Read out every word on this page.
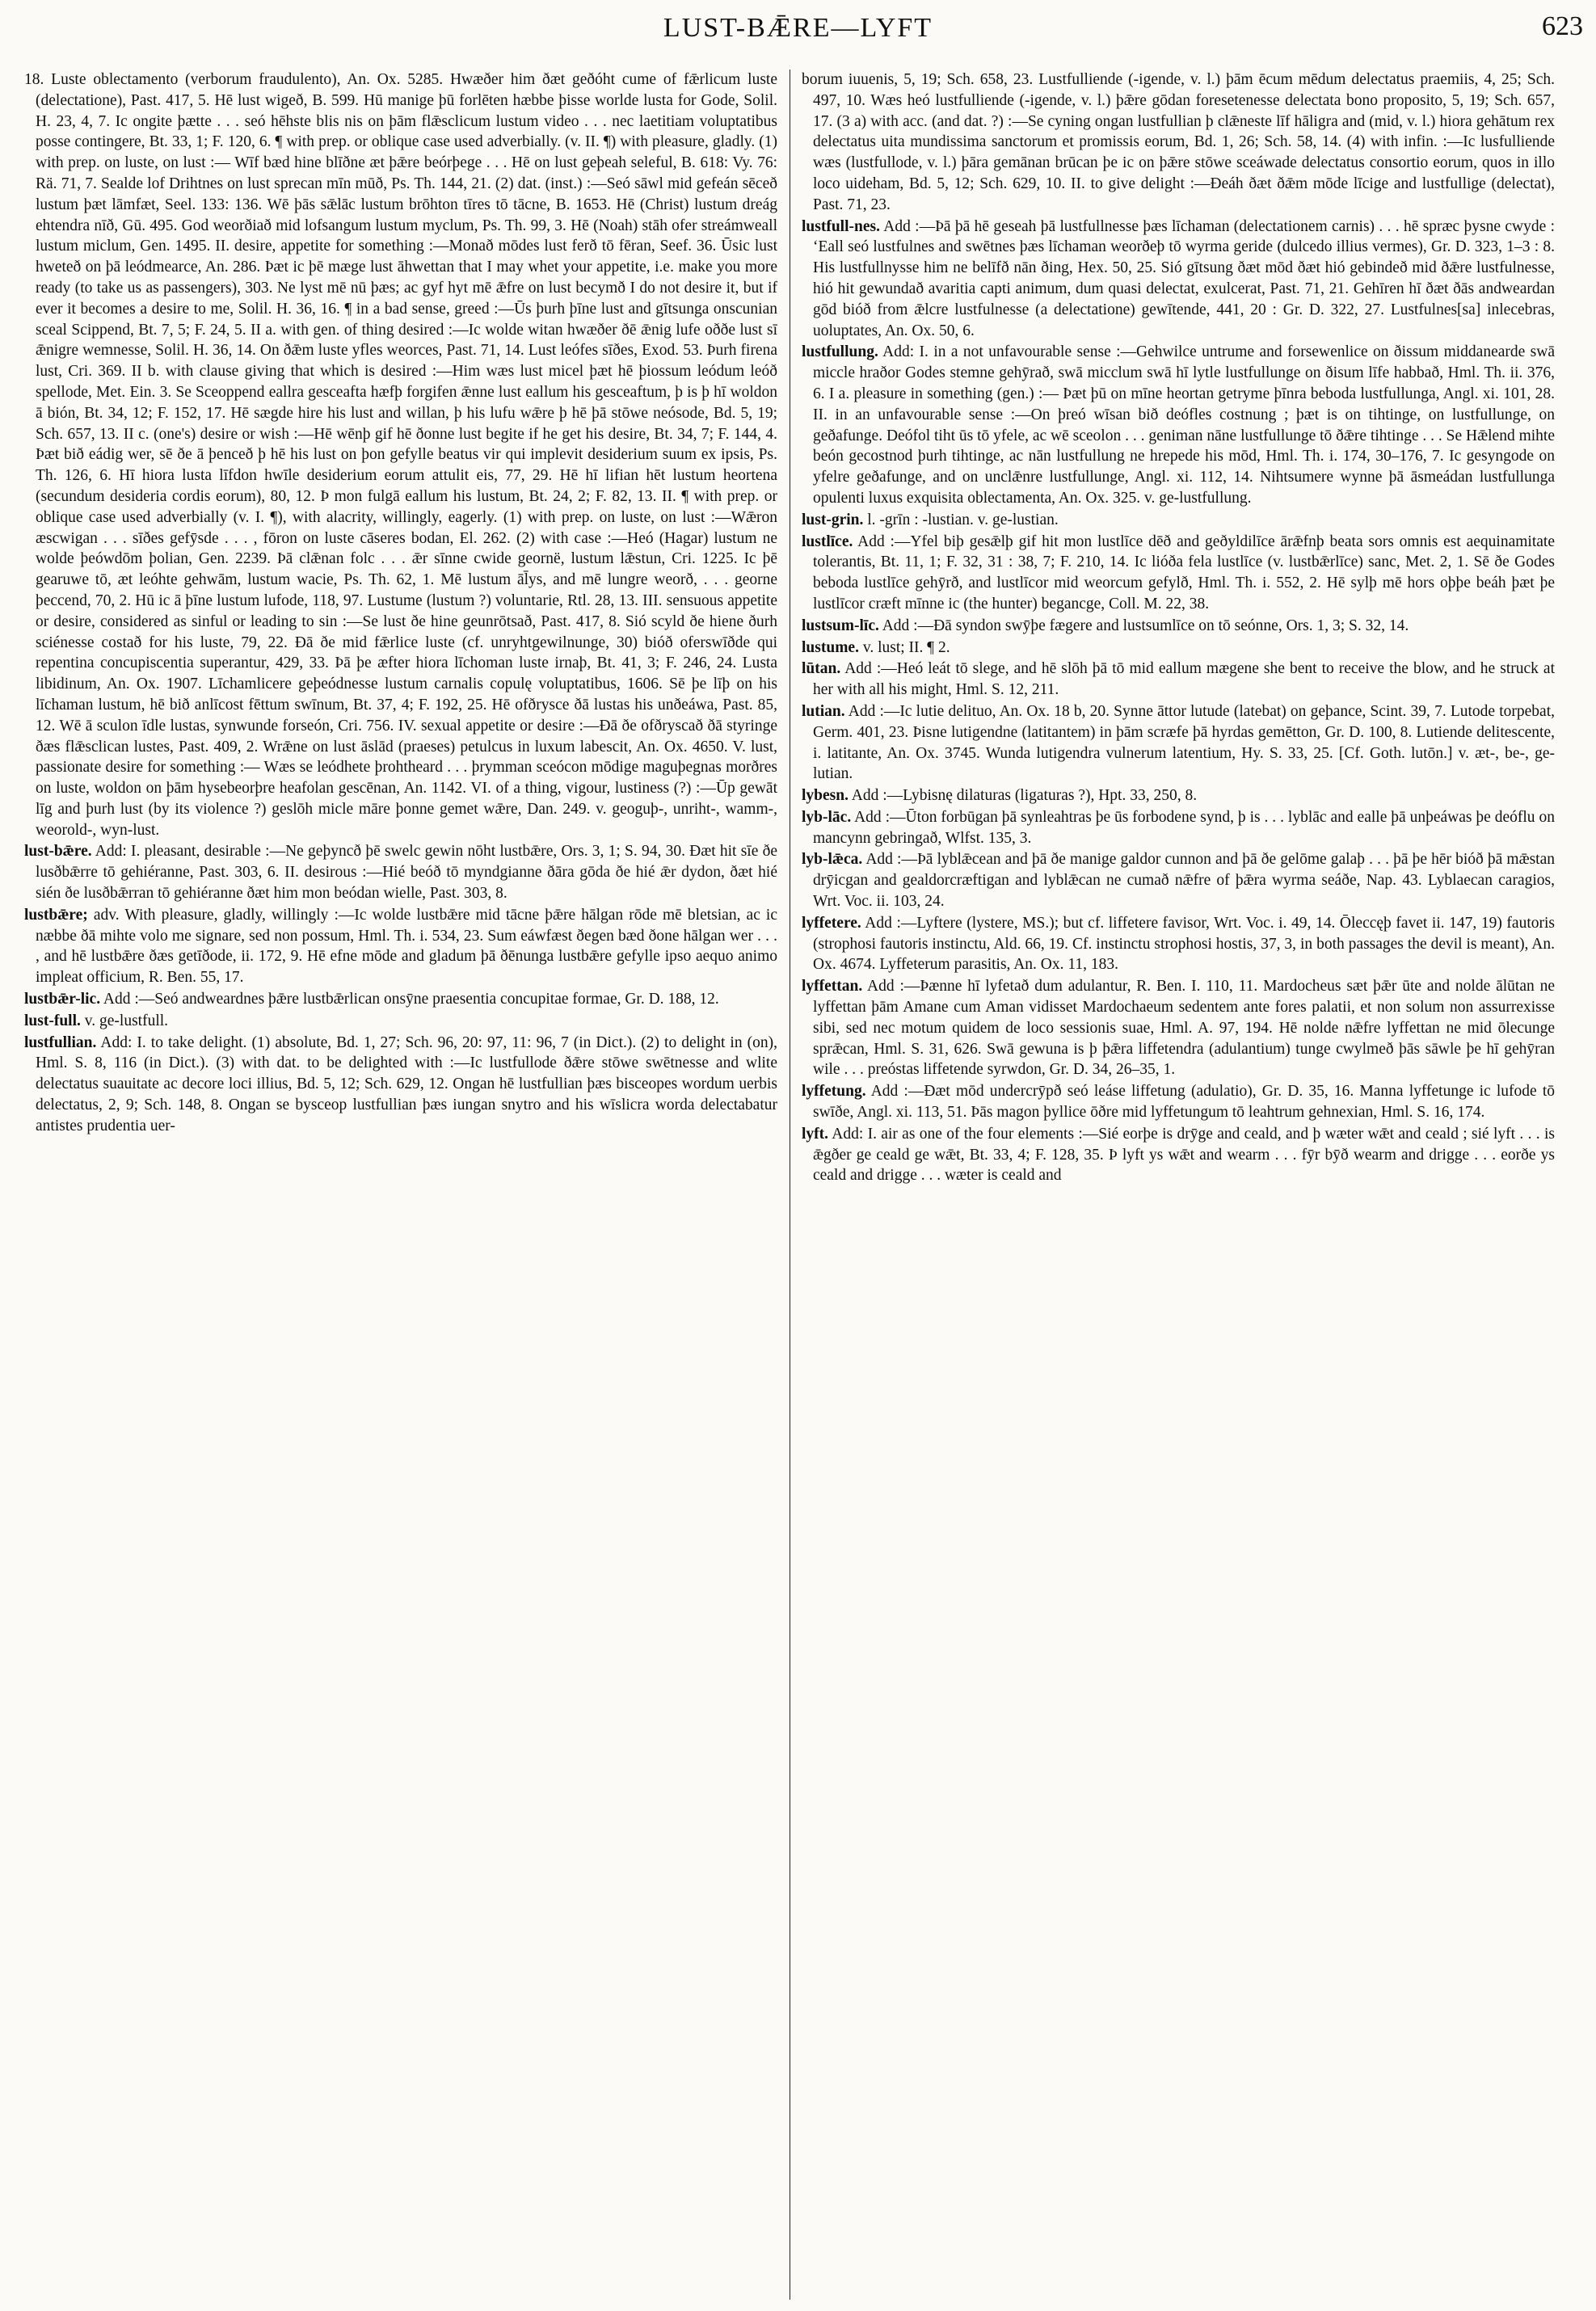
LUST-BǢRE—LYFT	623

18. Luste oblectamento (verborum fraudulento), An. Ox. 5285. Hwæðer him ðæt geðóht cume of fǣrlicum luste (delectatione), Past. 417, 5. Hē lust wigeð, B. 599. Hū manige þū forlēten hæbbe þisse worlde lusta for Gode, Solil. H. 23, 4, 7. Ic ongite þætte . . . seó hēhste blis nis on þām flǣsclicum lustum video . . . nec laetitiam voluptatibus posse contingere, Bt. 33, 1; F. 120, 6. ¶ with prep. or oblique case used adverbially. (v. II. ¶) with pleasure, gladly. (1) with prep. on luste, on lust :— Wīf bæd hine blīðne æt þǣre beórþege . . . Hē on lust geþeah seleful, B. 618: Vy. 76: Rä. 71, 7. Sealde lof Drihtnes on lust sprecan mīn mūð, Ps. Th. 144, 21. (2) dat. (inst.) :—Seó sāwl mid gefeán sēceð lustum þæt lāmfæt, Seel. 133: 136. Wē þās sǣlāc lustum brōhton tīres tō tācne, B. 1653. Hē (Christ) lustum dreág ehtendra nīð, Gū. 495. God weorðiað mid lofsangum lustum myclum, Ps. Th. 99, 3. Hē (Noah) stāh ofer streámweall lustum miclum, Gen. 1495. II. desire, appetite for something :—Monað mōdes lust ferð tō fēran, Seef. 36. Ūsic lust hweteð on þā leódmearce, An. 286. Þæt ic þē mæge lust āhwettan that I may whet your appetite, i.e. make you more ready (to take us as passengers), 303. Ne lyst mē nū þæs; ac gyf hyt mē ǣfre on lust becymð I do not desire it, but if ever it becomes a desire to me, Solil. H. 36, 16. ¶ in a bad sense, greed :—Ūs þurh þīne lust and gītsunga onscunian sceal Scippend, Bt. 7, 5; F. 24, 5. II a. with gen. of thing desired :—Ic wolde witan hwæðer ðē ǣnig lufe oððe lust sī ǣnigre wemnesse, Solil. H. 36, 14. On ðǣm luste yfles weorces, Past. 71, 14. Lust leófes sīðes, Exod. 53. Þurh firena lust, Cri. 369. II b. with clause giving that which is desired :—Him wæs lust micel þæt hē þiossum leódum leóð spellode, Met. Ein. 3. Se Sceoppend eallra gesceafta hæfþ forgifen ǣnne lust eallum his gesceaftum, þ is þ hī woldon ā bión, Bt. 34, 12; F. 152, 17. Hē sægde hire his lust and willan, þ his lufu wǣre þ hē þā stōwe neósode, Bd. 5, 19; Sch. 657, 13. II c. (one's) desire or wish :—Hē wēnþ gif hē ðonne lust begite if he get his desire, Bt. 34, 7; F. 144, 4. Þæt bið eádig wer, sē ðe ā þenceð þ hē his lust on þon gefylle beatus vir qui implevit desiderium suum ex ipsis, Ps. Th. 126, 6. Hī hiora lusta līfdon hwīle desiderium eorum attulit eis, 77, 29. Hē hī lifian hēt lustum heortena (secundum desideria cordis eorum), 80, 12. Þ mon fulgā eallum his lustum, Bt. 24, 2; F. 82, 13. II. ¶ with prep. or oblique case used adverbially (v. I. ¶), with alacrity, willingly, eagerly. (1) with prep. on luste, on lust :—Wǣron æscwigan . . . sīðes gefȳsde . . . , fōron on luste cāseres bodan, El. 262. (2) with case :—Heó (Hagar) lustum ne wolde þeówdōm þolian, Gen. 2239. Þā clǣnan folc . . . ǣr sīnne cwide geornë, lustum lǣstun, Cri. 1225. Ic þē gearuwe tō, æt leóhte gehwām, lustum wacie, Ps. Th. 62, 1. Mē lustum āl̄ys, and mē lungre weorð, . . . georne þeccend, 70, 2. Hū ic ā þīne lustum lufode, 118, 97. Lustume (lustum ?) voluntarie, Rtl. 28, 13. III. sensuous appetite or desire, considered as sinful or leading to sin :—Se lust ðe hine geunrōtsað, Past. 417, 8. Sió scyld ðe hiene ðurh sciénesse costað for his luste, 79, 22. Ðā ðe mid fǣrlice luste (cf. unryhtgewilnunge, 30) bióð oferswīðde qui repentina concupiscentia superantur, 429, 33. Þā þe æfter hiora līchoman luste irnaþ, Bt. 41, 3; F. 246, 24. Lusta libidinum, An. Ox. 1907. Līchamlicere geþeódnesse lustum carnalis copulę voluptatibus, 1606. Sē þe līþ on his līchaman lustum, hē bið anlīcost fēttum swīnum, Bt. 37, 4; F. 192, 25. Hē ofðryscе ðā lustas his unðeáwa, Past. 85, 12. Wē ā sculon īdle lustas, synwunde forseón, Cri. 756. IV. sexual appetite or desire :—Ðā ðe ofðryscað ðā styringe ðæs flǣsclican lustes, Past. 409, 2. Wrǣne on lust āslād (praeses) petulcus in luxum labescit, An. Ox. 4650. V. lust, passionate desire for something :— Wæs se leódhete þrohtheard . . . þrymman sceócon mōdige maguþegnas morðres on luste, woldon on þām hysebeorþre heafolan gescēnan, An. 1142. VI. of a thing, vigour, lustiness (?) :—Ūp gewāt līg and þurh lust (by its violence ?) geslōh micle māre þonne gemet wǣre, Dan. 249. v. geoguþ-, unriht-, wamm-, weorold-, wyn-lust.

lust-bǣre. Add: I. pleasant, desirable :—Ne geþyncð þē swelc gewin nōht lustbǣre, Ors. 3, 1; S. 94, 30. Ðæt hit sīe ðe lusðbǣrre tō gehiéranne, Past. 303, 6. II. desirous :—Hié beóð tō myndgianne ðāra gōda ðe hié ǣr dydon, ðæt hié sién ðe lusðbǣrran tō gehiéranne ðæt him mon beódan wielle, Past. 303, 8.

lustbǣre; adv. With pleasure, gladly, willingly :—Ic wolde lustbǣre mid tācne þǣre hālgan rōde mē bletsian, ac ic næbbe ðā mihte volo me signare, sed non possum, Hml. Th. i. 534, 23. Sum eáwfæst ðegen bæd ðone hālgan wer . . . , and hē lustbǣre ðæs getīðode, ii. 172, 9. Hē efne mōde and gladum þā ðēnunga lustbǣre gefylle ipso aequo animo impleat officium, R. Ben. 55, 17.

lustbǣr-lic. Add :—Seó andweardnes þǣre lustbǣrlican onsȳne praesentia concupitae formae, Gr. D. 188, 12.

lust-full. v. ge-lustfull.

lustfullian. Add: I. to take delight. (1) absolute, Bd. 1, 27; Sch. 96, 20: 97, 11: 96, 7 (in Dict.). (2) to delight in (on), Hml. S. 8, 116 (in Dict.). (3) with dat. to be delighted with :—Ic lustfullode ðǣre stōwe swētnesse and wlite delectatus suauitate ac decore loci illius, Bd. 5, 12; Sch. 629, 12. Ongan hē lustfullian þæs bisceopes wordum uerbis delectatus, 2, 9; Sch. 148, 8. Ongan se bysceop lustfullian þæs iungan snytro and his wīslicra worda delectabatur antistes prudentia uer-

borum iuuenis, 5, 19; Sch. 658, 23. Lustfulliende (-igende, v. l.) þām ēcum mēdum delectatus praemiis, 4, 25; Sch. 497, 10. Wæs heó lustfulliende (-igende, v. l.) þǣre gōdan foresetenesse delectata bono proposito, 5, 19; Sch. 657, 17. (3 a) with acc. (and dat. ?) :—Se cyning ongan lustfullian þ clǣneste līf hāligra and (mid, v. l.) hiora gehātum rex delectatus uita mundissima sanctorum et promissis eorum, Bd. 1, 26; Sch. 58, 14. (4) with infin. :—Ic lusfulliende wæs (lustfullode, v. l.) þāra gemānan brūcan þe ic on þǣre stōwe sceáwade delectatus consortio eorum, quos in illo loco uideham, Bd. 5, 12; Sch. 629, 10. II. to give delight :—Ðeáh ðæt ðǣm mōde līcige and lustfullige (delectat), Past. 71, 23.

lustfull-nes. Add :—Þā þā hē geseah þā lustfullnesse þæs līchaman (delectationem carnis) . . . hē spræc þysne cwyde : ‘Eall seó lustfulnes and swētnes þæs līchaman weorðeþ tō wyrma geride (dulcedo illius vermes), Gr. D. 323, 1–3 : 8. His lustfullnysse him ne belīfð nān ðing, Hex. 50, 25. Sió gītsung ðæt mōd ðæt hió gebindeð mid ðǣre lustfulnesse, hió hit gewundað avaritia capti animum, dum quasi delectat, exulcerat, Past. 71, 21. Gehīren hī ðæt ðās andweardan gōd bióð from ǣlcre lustfulnesse (a delectatione) gewītende, 441, 20 : Gr. D. 322, 27. Lustfulnes[sa] inlecebras, uoluptates, An. Ox. 50, 6.

lustfullung. Add: I. in a not unfavourable sense :—Gehwilce untrume and forsewenlice on ðissum middanearde swā miccle hraðor Godes stemne gehȳrað, swā micclum swā hī lytle lustfullunge on ðisum līfe habbað, Hml. Th. ii. 376, 6. I a. pleasure in something (gen.) :— Þæt þū on mīne heortan getryme þīnra beboda lustfullunga, Angl. xi. 101, 28. II. in an unfavourable sense :—On þreó wīsan bið deófles costnung ; þæt is on tihtinge, on lustfullunge, on geðafunge. Deófol tiht ūs tō yfele, ac wē sceolon . . . geniman nāne lustfullunge tō ðǣre tihtinge . . . Se Hǣlend mihte beón gecostnod þurh tihtinge, ac nān lustfullung ne hrepede his mōd, Hml. Th. i. 174, 30–176, 7. Ic gesyngode on yfelre geðafunge, and on unclǣnre lustfullunge, Angl. xi. 112, 14. Nihtsumere wynne þā āsmeádan lustfullunga opulenti luxus exquisita oblectamenta, An. Ox. 325. v. ge-lustfullung.

lust-grin. l. -grīn : -lustian. v. ge-lustian.

lustlīce. Add :—Yfel biþ gesǣlþ gif hit mon lustlīce dēð and geðyldilīce ārǣfnþ beata sors omnis est aequinamitate tolerantis, Bt. 11, 1; F. 32, 31 : 38, 7; F. 210, 14. Ic lióða fela lustlīce (v. lustbǣrlīce) sanc, Met. 2, 1. Sē ðe Godes beboda lustlīce gehȳrð, and lustlīcor mid weorcum gefylð, Hml. Th. i. 552, 2. Hē sylþ mē hors oþþe beáh þæt þe lustlīcor cræft mīnne ic (the hunter) begancge, Coll. M. 22, 38.

lustsum-līc. Add :—Ðā syndon swȳþe fægere and lustsumlīce on tō seónne, Ors. 1, 3; S. 32, 14.

lustume. v. lust; II. ¶ 2.

lūtan. Add :—Heó leát tō slege, and hē slōh þā tō mid eallum mægene she bent to receive the blow, and he struck at her with all his might, Hml. S. 12, 211.

lutian. Add :—Ic lutie delituo, An. Ox. 18 b, 20. Synne āttor lutude (latebat) on geþance, Scint. 39, 7. Lutode torpebat, Germ. 401, 23. Þisne lutigendne (latitantem) in þām scræfe þā hyrdas gemētton, Gr. D. 100, 8. Lutiende delitescente, i. latitante, An. Ox. 3745. Wunda lutigendra vulnerum latentium, Hy. S. 33, 25. [Cf. Goth. lutōn.] v. æt-, be-, ge-lutian.

lybesn. Add :—Lybisnę dilaturas (ligaturas ?), Hpt. 33, 250, 8.

lyb-lāc. Add :—Ūton forbūgan þā synleahtras þe ūs forbodene synd, þ is . . . lyblāc and ealle þā unþeáwas þe deóflu on mancynn gebringað, Wlfst. 135, 3.

lyb-lǣca. Add :—Þā lyblǣcean and þā ðe manige galdor cunnon and þā ðe gelōme galaþ . . . þā þe hēr bióð þā mǣstan drȳicgan and gealdorcræftigan and lyblǣcan ne cumað nǣfre of þǣra wyrma seáðe, Nap. 43. Lyblaecan caragios, Wrt. Voc. ii. 103, 24.

lyffetere. Add :—Lyftere (lystere, MS.); but cf. liffetere favisor, Wrt. Voc. i. 49, 14. Ōleccęþ favet ii. 147, 19) fautoris (strophosi fautoris instinctu, Ald. 66, 19. Cf. instinctu strophosi hostis, 37, 3, in both passages the devil is meant), An. Ox. 4674. Lyffeterum parasitis, An. Ox. 11, 183.

lyffettan. Add :—Þænne hī lyfetað dum adulantur, R. Ben. I. 110, 11. Mardocheus sæt þǣr ūte and nolde ālūtan ne lyffettan þām Amane cum Aman vidisset Mardochaeum sedentem ante fores palatii, et non solum non assurrexisse sibi, sed nec motum quidem de loco sessionis suae, Hml. A. 97, 194. Hē nolde nǣfre lyffettan ne mid ōlecunge sprǣcan, Hml. S. 31, 626. Swā gewuna is þ þǣra liffetendra (adulantium) tunge cwylmeð þās sāwle þe hī gehȳran wile . . . preóstas liffetende syrwdon, Gr. D. 34, 26–35, 1.

lyffetung. Add :—Ðæt mōd undercrȳpð seó leáse liffetung (adulatio), Gr. D. 35, 16. Manna lyffetunge ic lufode tō swīðe, Angl. xi. 113, 51. Þās magon þyllice ōðre mid lyffetungum tō leahtrum gehnexian, Hml. S. 16, 174.

lyft. Add: I. air as one of the four elements :—Sié eorþe is drȳge and ceald, and þ wæter wǣt and ceald ; sié lyft . . . is ǣgðer ge ceald ge wǣt, Bt. 33, 4; F. 128, 35. Þ lyft ys wǣt and wearm . . . fȳr bȳð wearm and drigge . . . eorðe ys ceald and drigge . . . wæter is ceald and
